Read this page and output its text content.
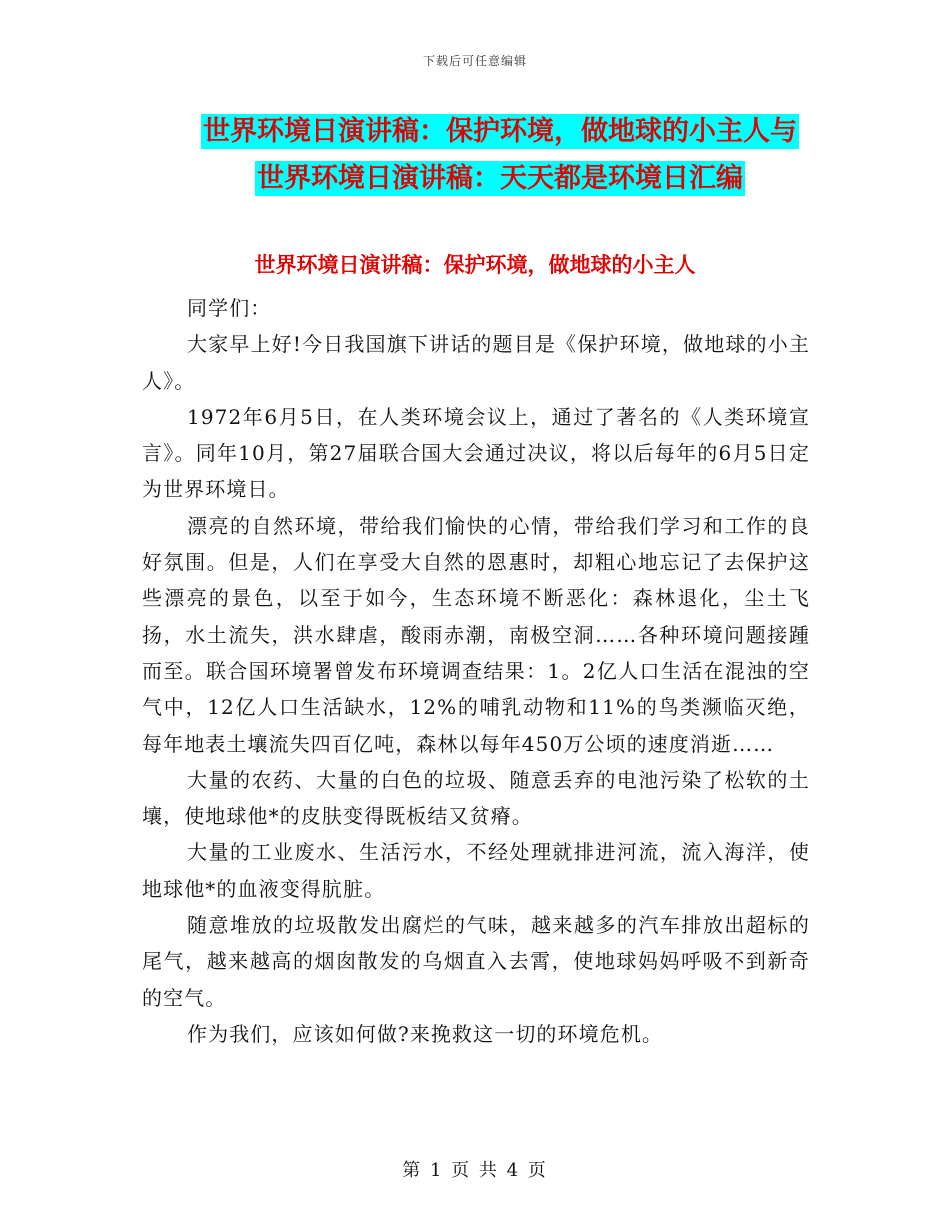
下载后可任意编辑
世界环境日演讲稿：保护环境，做地球的小主人与世界环境日演讲稿：天天都是环境日汇编
世界环境日演讲稿：保护环境，做地球的小主人

同学们：

大家早上好!今日我国旗下讲话的题目是《保护环境，做地球的小主人》。

1972年6月5日，在人类环境会议上，通过了著名的《人类环境宣言》。同年10月，第27届联合国大会通过决议，将以后每年的6月5日定为世界环境日。

漂亮的自然环境，带给我们愉快的心情，带给我们学习和工作的良好氛围。但是，人们在享受大自然的恩惠时，却粗心地忘记了去保护这些漂亮的景色，以至于如今，生态环境不断恶化：森林退化，尘土飞扬，水土流失，洪水肆虐，酸雨赤潮，南极空洞……各种环境问题接踵而至。联合国环境署曾发布环境调查结果：1。2亿人口生活在混浊的空气中，12亿人口生活缺水，12%的哺乳动物和11%的鸟类濒临灭绝，每年地表土壤流失四百亿吨，森林以每年450万公顷的速度消逝……

大量的农药、大量的白色的垃圾、随意丢弃的电池污染了松软的土壤，使地球他*的皮肤变得既板结又贫瘠。

大量的工业废水、生活污水，不经处理就排进河流，流入海洋，使地球他*的血液变得肮脏。

随意堆放的垃圾散发出腐烂的气味，越来越多的汽车排放出超标的尾气，越来越高的烟囱散发的乌烟直入去霄，使地球妈妈呼吸不到新奇的空气。

作为我们，应该如何做?来挽救这一切的环境危机。

第 1 页 共 4 页
